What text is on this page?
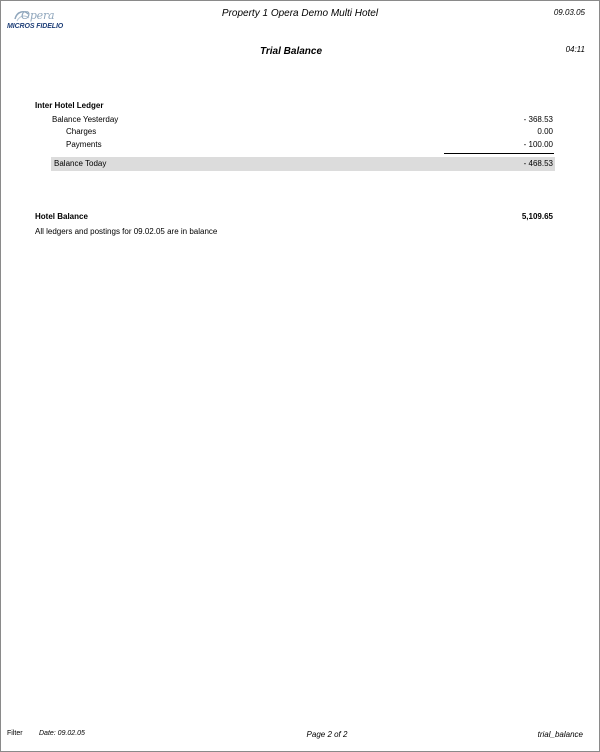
Opera
MICROS FIDELIO
Property 1 Opera Demo Multi Hotel	09.03.05
Trial Balance	04:11
Inter Hotel Ledger
Balance Yesterday	- 368.53
Charges	0.00
Payments	- 100.00
Balance Today	- 468.53
Hotel Balance	5,109.65
All ledgers and postings for 09.02.05 are in balance
Filter Date: 09.02.05	Page 2 of 2	trial_balance
